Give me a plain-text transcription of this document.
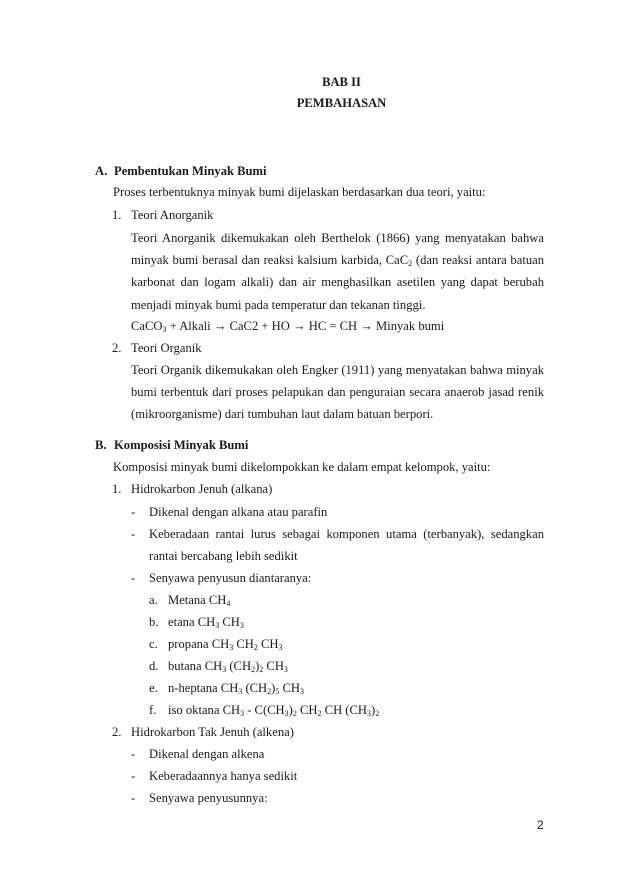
BAB II
PEMBAHASAN
A. Pembentukan Minyak Bumi
Proses terbentuknya minyak bumi dijelaskan berdasarkan dua teori, yaitu:
1. Teori Anorganik
Teori Anorganik dikemukakan oleh Berthelok (1866) yang menyatakan bahwa
minyak bumi berasal dan reaksi kalsium karbida, CaC$_2$ (dan reaksi antara batuan
karbonat dan logam alkali) dan air menghasilkan asetilen yang dapat berubah
menjadi minyak bumi pada temperatur dan tekanan tinggi.
CaCO$_3$ + Alkali → CaC2 + HO → HC = CH → Minyak bumi
2. Teori Organik
Teori Organik dikemukakan oleh Engker (1911) yang menyatakan bahwa minyak
bumi terbentuk dari proses pelapukan dan penguraian secara anaerob jasad renik
(mikroorganisme) dari tumbuhan laut dalam batuan berpori.
B. Komposisi Minyak Bumi
Komposisi minyak bumi dikelompokkan ke dalam empat kelompok, yaitu:
1. Hidrokarbon Jenuh (alkana)
- Dikenal dengan alkana atau parafin
- Keberadaan rantai lurus sebagai komponen utama (terbanyak), sedangkan
rantai bercabang lebih sedikit
- Senyawa penyusun diantaranya:
a. Metana $CH_4$
b. etana $CH_3$ $CH_3$
c. propana $CH_3$ $CH_2$ $CH_3$
d. butana $CH_3$ $(CH_2)_2$ $CH_3$
e. n-heptana $CH_3$ $(CH_2)_5$ $CH_3$
f. iso oktana $CH_3 - C(CH_3)_2$ $CH_2$ CH $(CH_3)_2$
2. Hidrokarbon Tak Jenuh (alkena)
- Dikenal dengan alkena
- Keberadaannya hanya sedikit
- Senyawa penyusunnya:
2
